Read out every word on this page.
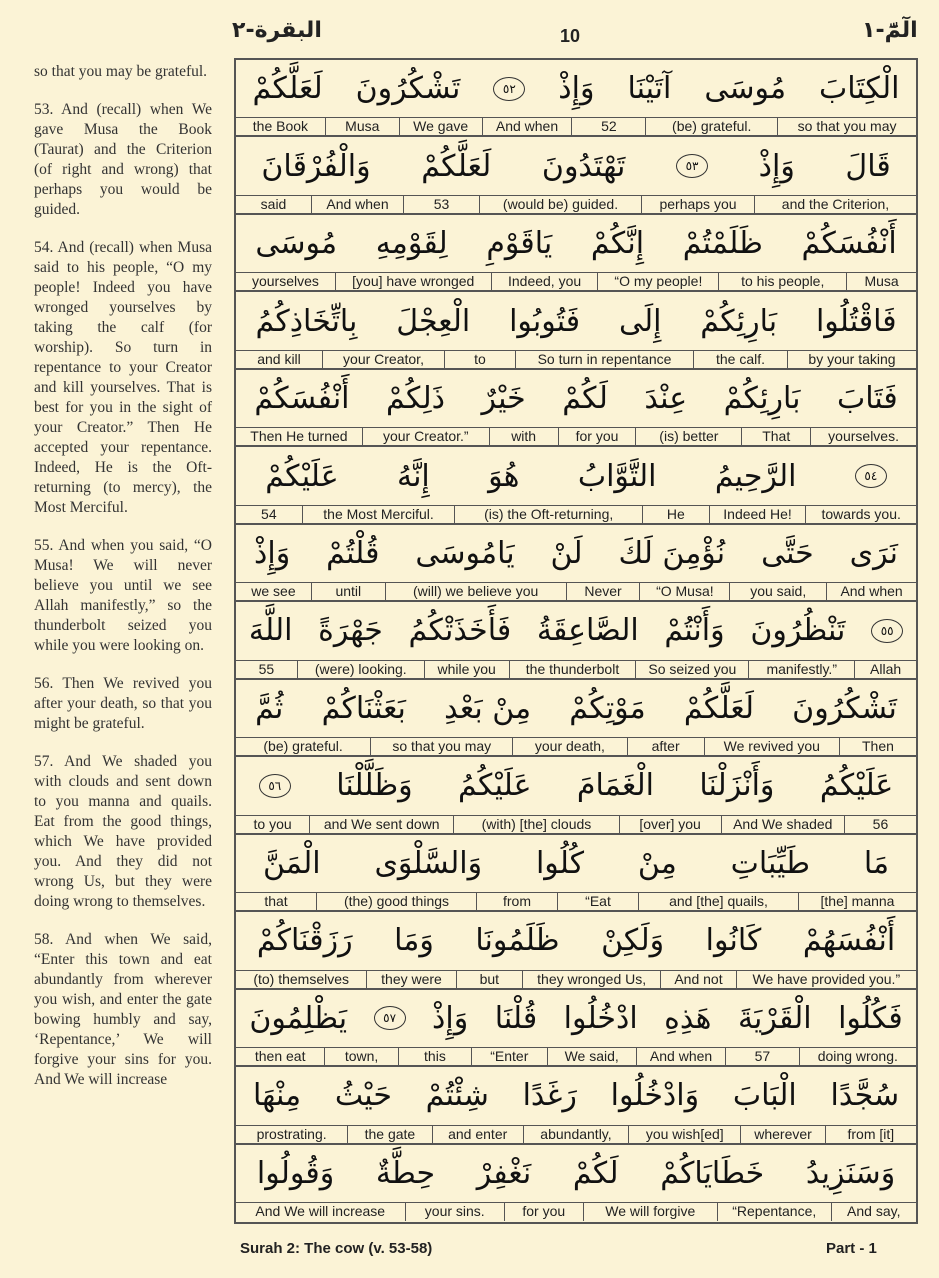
الٓمّٓ-١
10
البقرة-٢

so that you may be grateful.

53. And (recall) when We gave Musa the Book (Taurat) and the Criterion (of right and wrong) that perhaps you would be guided.

54. And (recall) when Musa said to his people, “O my people! Indeed you have wronged yourselves by taking the calf (for worship). So turn in repentance to your Creator and kill yourselves. That is best for you in the sight of your Creator.” Then He accepted your repentance. Indeed, He is the Oft-returning (to mercy), the Most Merciful.

55. And when you said, “O Musa! We will never believe you until we see Allah manifestly,” so the thunderbolt seized you while you were looking on.

56. Then We revived you after your death, so that you might be grateful.

57. And We shaded you with clouds and sent down to you manna and quails. Eat from the good things, which We have provided you. And they did not wrong Us, but they were doing wrong to themselves.

58. And when We said, “Enter this town and eat abundantly from wherever you wish, and enter the gate bowing humbly and say, ‘Repentance,’ We will forgive your sins for you. And We will increase

لَعَلَّكُمْ تَشْكُرُونَ	٥٢	وَإِذْ آتَيْنَا مُوسَى الْكِتَابَ
the Book	Musa	We gave	And when	52	(be) grateful.	so that you may
وَالْفُرْقَانَ لَعَلَّكُمْ تَهْتَدُونَ	٥٣	وَإِذْ قَالَ
said	And when	53	(would be) guided.	perhaps you	and the Criterion,
مُوسَى لِقَوْمِهِ يَاقَوْمِ إِنَّكُمْ ظَلَمْتُمْ أَنْفُسَكُمْ
yourselves	[you] have wronged	Indeed, you	“O my people!	to his people,	Musa
بِاتِّخَاذِكُمُ الْعِجْلَ فَتُوبُوا إِلَى بَارِئِكُمْ فَاقْتُلُوا
and kill	your Creator,	to	So turn in repentance	the calf.	by your taking
أَنْفُسَكُمْ ذَلِكُمْ خَيْرٌ لَكُمْ عِنْدَ بَارِئِكُمْ فَتَابَ
Then He turned	your Creator.”	with	for you	(is) better	That	yourselves.
عَلَيْكُمْ إِنَّهُ هُوَ التَّوَّابُ الرَّحِيمُ	٥٤
54	the Most Merciful.	(is) the Oft-returning,	He	Indeed He!	towards you.
وَإِذْ قُلْتُمْ يَامُوسَى لَنْ نُؤْمِنَ لَكَ حَتَّى نَرَى
we see	until	(will) we believe you	Never	“O Musa!	you said,	And when
اللَّهَ جَهْرَةً فَأَخَذَتْكُمُ الصَّاعِقَةُ وَأَنْتُمْ تَنْظُرُونَ	٥٥
55	(were) looking.	while you	the thunderbolt	So seized you	manifestly.”	Allah
ثُمَّ بَعَثْنَاكُمْ مِنْ بَعْدِ مَوْتِكُمْ لَعَلَّكُمْ تَشْكُرُونَ
(be) grateful.	so that you may	your death,	after	We revived you	Then
٥٦	وَظَلَّلْنَا عَلَيْكُمُ الْغَمَامَ وَأَنْزَلْنَا عَلَيْكُمُ
to you	and We sent down	(with) [the] clouds	[over] you	And We shaded	56
الْمَنَّ وَالسَّلْوَى كُلُوا مِنْ طَيِّبَاتِ مَا
that	(the) good things	from	“Eat	and [the] quails,	[the] manna
رَزَقْنَاكُمْ وَمَا ظَلَمُونَا وَلَكِنْ كَانُوا أَنْفُسَهُمْ
(to) themselves	they were	but	they wronged Us,	And not	We have provided you.”
يَظْلِمُونَ	٥٧	وَإِذْ قُلْنَا ادْخُلُوا هَذِهِ الْقَرْيَةَ فَكُلُوا
then eat	town,	this	“Enter	We said,	And when	57	doing wrong.
مِنْهَا حَيْثُ شِئْتُمْ رَغَدًا وَادْخُلُوا الْبَابَ سُجَّدًا
prostrating.	the gate	and enter	abundantly,	you wish[ed]	wherever	from [it]
وَقُولُوا حِطَّةٌ نَغْفِرْ لَكُمْ خَطَايَاكُمْ وَسَنَزِيدُ
And We will increase	your sins.	for you	We will forgive	“Repentance,	And say,
Surah 2: The cow (v. 53-58)	Part - 1
